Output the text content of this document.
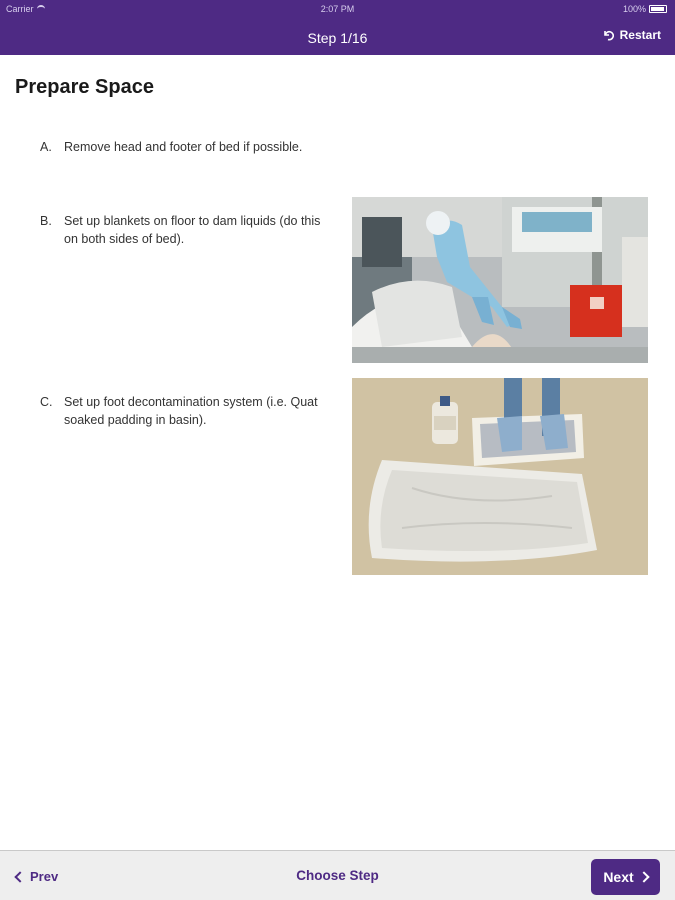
Carrier	2:07 PM	100%
Step 1/16	Restart
Prepare Space
A. Remove head and footer of bed if possible.
B. Set up blankets on floor to dam liquids (do this on both sides of bed).
C. Set up foot decontamination system (i.e. Quat soaked padding in basin).
Prev	Choose Step	Next
